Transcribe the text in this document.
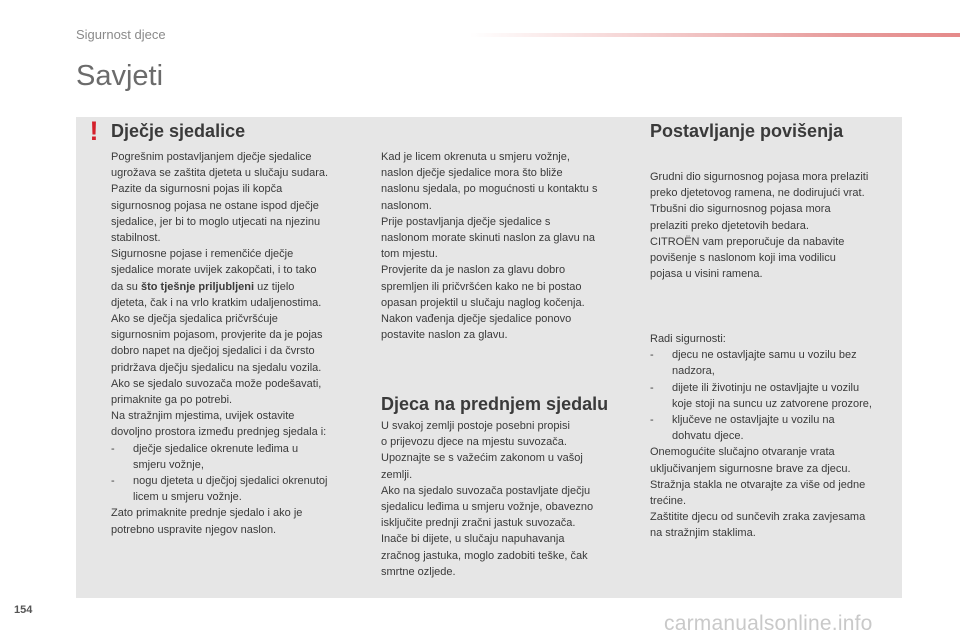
Sigurnost djece
Savjeti
! Dječje sjedalice

Pogrešnim postavljanjem dječje sjedalice

ugrožava se zaštita djeteta u slučaju sudara.

Pazite da sigurnosni pojas ili kopča

sigurnosnog pojasa ne ostane ispod dječje

sjedalice, jer bi to moglo utjecati na njezinu

stabilnost.

Sigurnosne pojase i remenčiće dječje

sjedalice morate uvijek zakopčati, i to tako

da su što tješnje priljubljeni uz tijelo

djeteta, čak i na vrlo kratkim udaljenostima.

Ako se dječja sjedalica pričvršćuje

sigurnosnim pojasom, provjerite da je pojas

dobro napet na dječjoj sjedalici i da čvrsto

pridržava dječju sjedalicu na sjedalu vozila.

Ako se sjedalo suvozača može podešavati,

primaknite ga po potrebi.

Na stražnjim mjestima, uvijek ostavite

dovoljno prostora između prednjeg sjedala i:

- dječje sjedalice okrenute leđima u
smjeru vožnje,

- nogu djeteta u dječjoj sjedalici okrenutoj
licem u smjeru vožnje.

Zato primaknite prednje sjedalo i ako je

potrebno uspravite njegov naslon.

Kad je licem okrenuta u smjeru vožnje,

naslon dječje sjedalice mora što bliže

naslonu sjedala, po mogućnosti u kontaktu s

naslonom.

Prije postavljanja dječje sjedalice s

naslonom morate skinuti naslon za glavu na

tom mjestu.

Provjerite da je naslon za glavu dobro

spremljen ili pričvršćen kako ne bi postao

opasan projektil u slučaju naglog kočenja.

Nakon vađenja dječje sjedalice ponovo

postavite naslon za glavu.

Djeca na prednjem sjedalu

U svakoj zemlji postoje posebni propisi

o prijevozu djece na mjestu suvozača.

Upoznajte se s važećim zakonom u vašoj

zemlji.

Ako na sjedalo suvozača postavljate dječju

sjedalicu leđima u smjeru vožnje, obavezno

isključite prednji zračni jastuk suvozača.

Inače bi dijete, u slučaju napuhavanja

zračnog jastuka, moglo zadobiti teške, čak

smrtne ozljede.

Postavljanje povišenja

Grudni dio sigurnosnog pojasa mora prelaziti

preko djetetovog ramena, ne dodirujući vrat.

Trbušni dio sigurnosnog pojasa mora

prelaziti preko djetetovih bedara.

CITROËN vam preporučuje da nabavite

povišenje s naslonom koji ima vodilicu

pojasa u visini ramena.

Radi sigurnosti:

- djecu ne ostavljajte samu u vozilu bez
nadzora,

- dijete ili životinju ne ostavljajte u vozilu
koje stoji na suncu uz zatvorene prozore,

- ključeve ne ostavljajte u vozilu na
dohvatu djece.

Onemogućite slučajno otvaranje vrata

uključivanjem sigurnosne brave za djecu.

Stražnja stakla ne otvarajte za više od jedne

trećine.

Zaštitite djecu od sunčevih zraka zavjesama

na stražnjim staklima.

154
carmanualsonline.info
